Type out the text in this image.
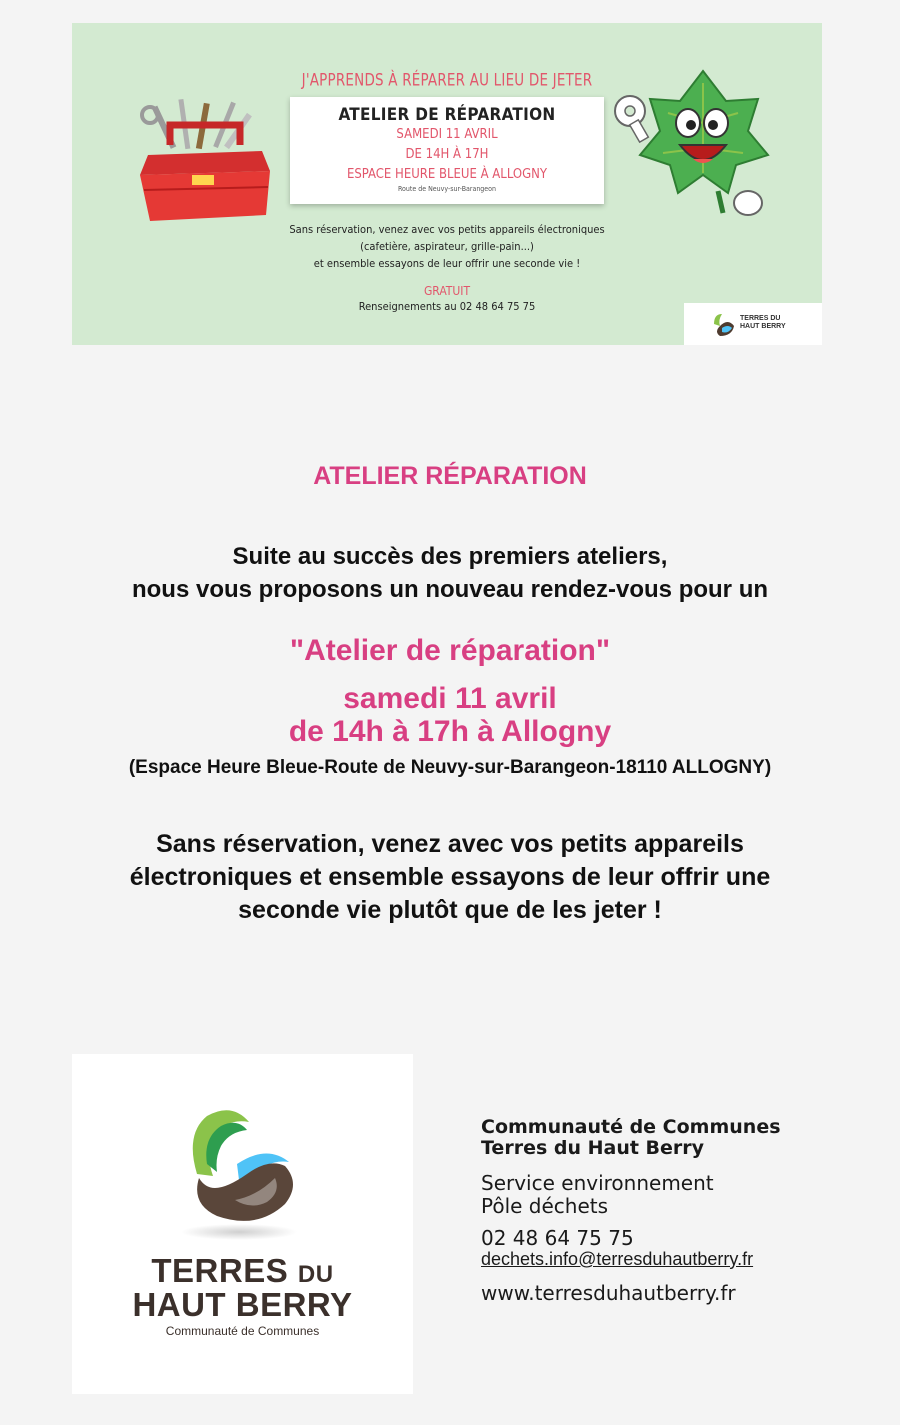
J'APPRENDS À RÉPARER AU LIEU DE JETER
ATELIER DE RÉPARATION
SAMEDI 11 AVRIL
DE 14H À 17H
ESPACE HEURE BLEUE À ALLOGNY
Route de Neuvy-sur-Barangeon
Sans réservation, venez avec vos petits appareils électroniques
(cafetière, aspirateur, grille-pain...)
et ensemble essayons de leur offrir une seconde vie !
GRATUIT
Renseignements au 02 48 64 75 75
TERRES DU
HAUT BERRY
ATELIER RÉPARATION
Suite au succès des premiers ateliers,
nous vous proposons un nouveau rendez-vous pour un
"Atelier de réparation"
samedi 11 avril
de 14h à 17h à Allogny
(Espace Heure Bleue-Route de Neuvy-sur-Barangeon-18110 ALLOGNY)
Sans réservation, venez avec vos petits appareils
électroniques et ensemble essayons de leur offrir une
seconde vie plutôt que de les jeter !
TERRES DU
HAUT BERRY
Communauté de Communes
Communauté de Communes
Terres du Haut Berry
Service environnement
Pôle déchets
02 48 64 75 75
dechets.info@terresduhautberry.fr
www.terresduhautberry.fr
